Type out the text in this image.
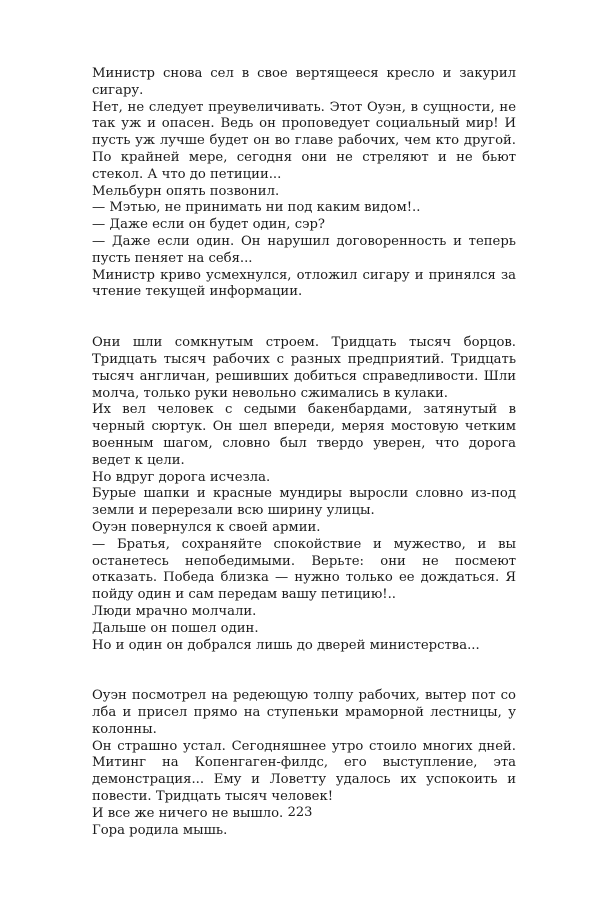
Министр снова сел в свое вертящееся кресло и закурил сигару.

Нет, не следует преувеличивать. Этот Оуэн, в сущности, не так уж и опасен. Ведь он проповедует социальный мир! И пусть уж лучше будет он во главе рабочих, чем кто другой. По крайней мере, сегодня они не стреляют и не бьют стекол. А что до петиции...

Мельбурн опять позвонил.

— Мэтью, не принимать ни под каким видом!..

— Даже если он будет один, сэр?

— Даже если один. Он нарушил договоренность и теперь пусть пеняет на себя...

Министр криво усмехнулся, отложил сигару и принялся за чтение текущей информации.

Они шли сомкнутым строем. Тридцать тысяч борцов. Тридцать тысяч рабочих с разных предприятий. Тридцать тысяч англичан, решивших добиться справедливости. Шли молча, только руки невольно сжимались в кулаки.

Их вел человек с седыми бакенбардами, затянутый в черный сюртук. Он шел впереди, меряя мостовую четким военным шагом, словно был твердо уверен, что дорога ведет к цели.

Но вдруг дорога исчезла.

Бурые шапки и красные мундиры выросли словно из-под земли и перерезали всю ширину улицы.

Оуэн повернулся к своей армии.

— Братья, сохраняйте спокойствие и мужество, и вы останетесь непобедимыми. Верьте: они не посмеют отказать. Победа близка — нужно только ее дождаться. Я пойду один и сам передам вашу петицию!..

Люди мрачно молчали.

Дальше он пошел один.

Но и один он добрался лишь до дверей министерства...

Оуэн посмотрел на редеющую толпу рабочих, вытер пот со лба и присел прямо на ступеньки мраморной лестницы, у колонны.

Он страшно устал. Сегодняшнее утро стоило многих дней. Митинг на Копенгаген-филдс, его выступление, эта демонстрация... Ему и Ловетту удалось их успокоить и повести. Тридцать тысяч человек!

И все же ничего не вышло.

Гора родила мышь.

223
